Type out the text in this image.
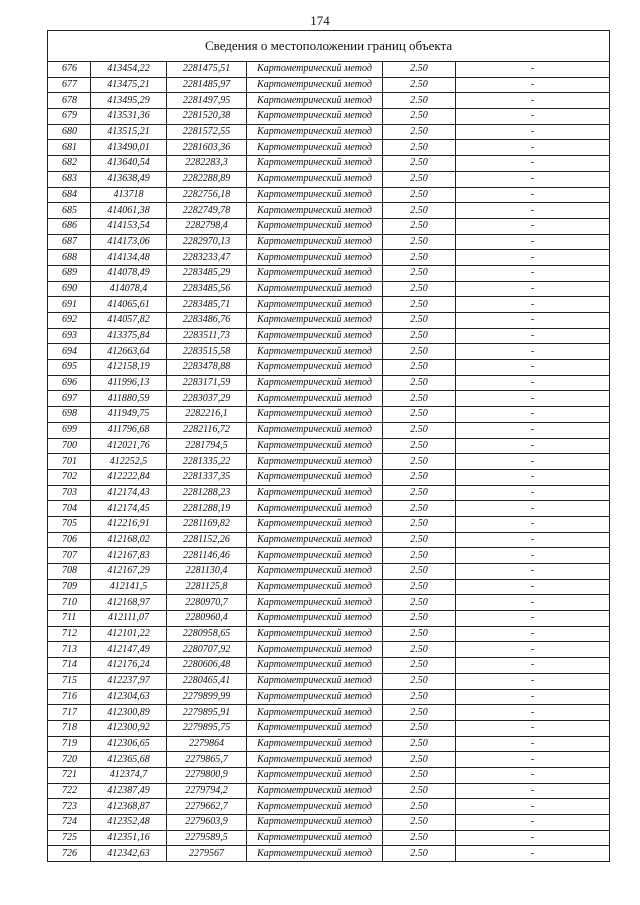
174
Сведения о местоположении границ объекта					
676	413454,22	2281475,51	Картометрический метод	2.50	-
677	413475,21	2281485,97	Картометрический метод	2.50	-
678	413495,29	2281497,95	Картометрический метод	2.50	-
679	413531,36	2281520,38	Картометрический метод	2.50	-
680	413515,21	2281572,55	Картометрический метод	2.50	-
681	413490,01	2281603,36	Картометрический метод	2.50	-
682	413640,54	2282283,3	Картометрический метод	2.50	-
683	413638,49	2282288,89	Картометрический метод	2.50	-
684	413718	2282756,18	Картометрический метод	2.50	-
685	414061,38	2282749,78	Картометрический метод	2.50	-
686	414153,54	2282798,4	Картометрический метод	2.50	-
687	414173,06	2282970,13	Картометрический метод	2.50	-
688	414134,48	2283233,47	Картометрический метод	2.50	-
689	414078,49	2283485,29	Картометрический метод	2.50	-
690	414078,4	2283485,56	Картометрический метод	2.50	-
691	414065,61	2283485,71	Картометрический метод	2.50	-
692	414057,82	2283486,76	Картометрический метод	2.50	-
693	413375,84	2283511,73	Картометрический метод	2.50	-
694	412663,64	2283515,58	Картометрический метод	2.50	-
695	412158,19	2283478,88	Картометрический метод	2.50	-
696	411996,13	2283171,59	Картометрический метод	2.50	-
697	411880,59	2283037,29	Картометрический метод	2.50	-
698	411949,75	2282216,1	Картометрический метод	2.50	-
699	411796,68	2282116,72	Картометрический метод	2.50	-
700	412021,76	2281794,5	Картометрический метод	2.50	-
701	412252,5	2281335,22	Картометрический метод	2.50	-
702	412222,84	2281337,35	Картометрический метод	2.50	-
703	412174,43	2281288,23	Картометрический метод	2.50	-
704	412174,45	2281288,19	Картометрический метод	2.50	-
705	412216,91	2281169,82	Картометрический метод	2.50	-
706	412168,02	2281152,26	Картометрический метод	2.50	-
707	412167,83	2281146,46	Картометрический метод	2.50	-
708	412167,29	2281130,4	Картометрический метод	2.50	-
709	412141,5	2281125,8	Картометрический метод	2.50	-
710	412168,97	2280970,7	Картометрический метод	2.50	-
711	412111,07	2280960,4	Картометрический метод	2.50	-
712	412101,22	2280958,65	Картометрический метод	2.50	-
713	412147,49	2280707,92	Картометрический метод	2.50	-
714	412176,24	2280606,48	Картометрический метод	2.50	-
715	412237,97	2280465,41	Картометрический метод	2.50	-
716	412304,63	2279899,99	Картометрический метод	2.50	-
717	412300,89	2279895,91	Картометрический метод	2.50	-
718	412300,92	2279895,75	Картометрический метод	2.50	-
719	412306,65	2279864	Картометрический метод	2.50	-
720	412365,68	2279865,7	Картометрический метод	2.50	-
721	412374,7	2279800,9	Картометрический метод	2.50	-
722	412387,49	2279794,2	Картометрический метод	2.50	-
723	412368,87	2279662,7	Картометрический метод	2.50	-
724	412352,48	2279603,9	Картометрический метод	2.50	-
725	412351,16	2279589,5	Картометрический метод	2.50	-
726	412342,63	2279567	Картометрический метод	2.50	-
